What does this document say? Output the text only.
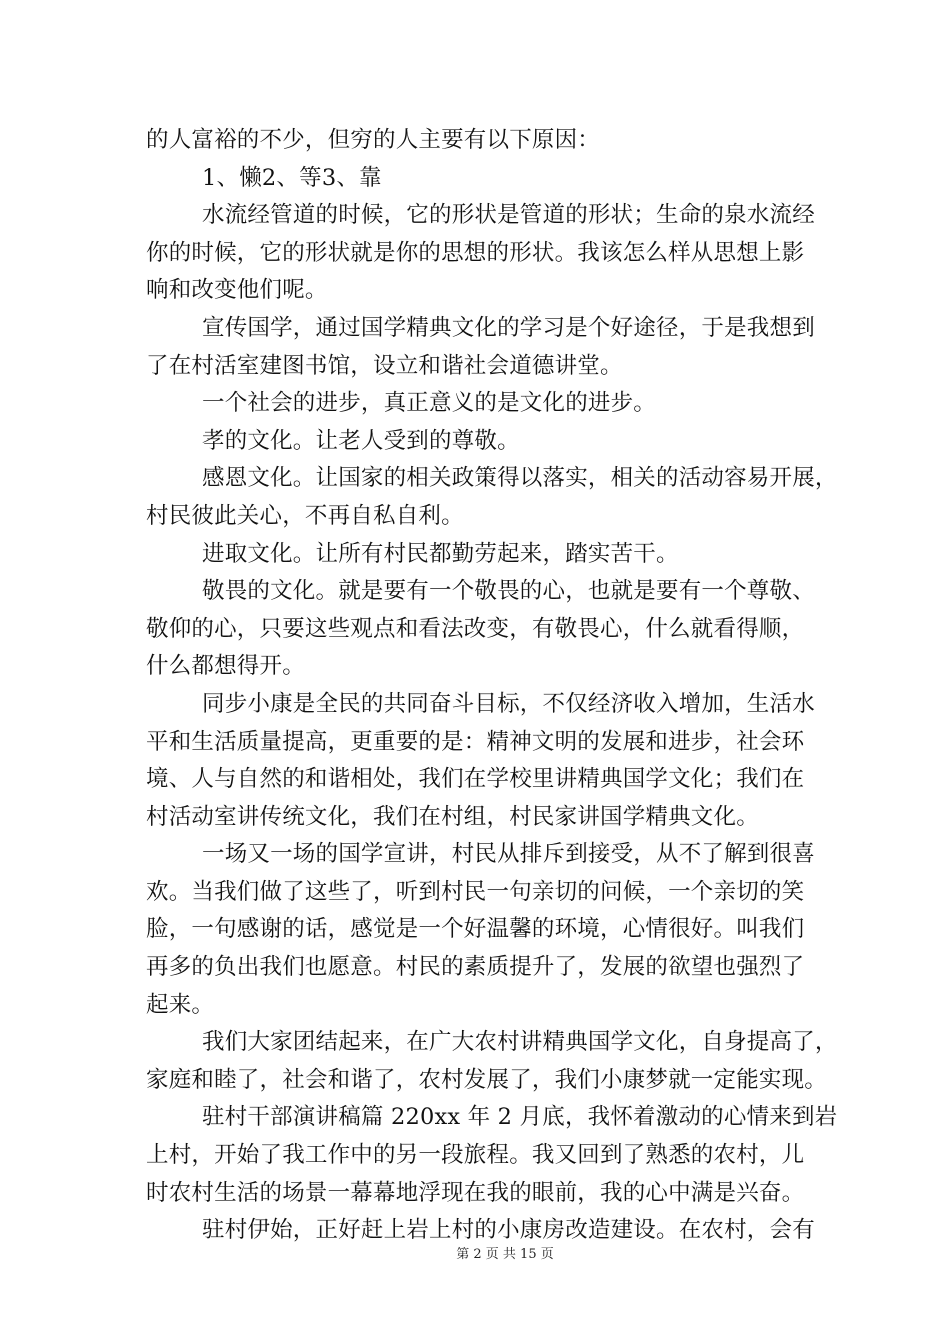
的人富裕的不少，但穷的人主要有以下原因：
1、懒2、等3、靠
水流经管道的时候，它的形状是管道的形状；生命的泉水流经
你的时候，它的形状就是你的思想的形状。我该怎么样从思想上影
响和改变他们呢。
宣传国学，通过国学精典文化的学习是个好途径，于是我想到
了在村活室建图书馆，设立和谐社会道德讲堂。
一个社会的进步，真正意义的是文化的进步。
孝的文化。让老人受到的尊敬。
感恩文化。让国家的相关政策得以落实，相关的活动容易开展，
村民彼此关心，不再自私自利。
进取文化。让所有村民都勤劳起来，踏实苦干。
敬畏的文化。就是要有一个敬畏的心，也就是要有一个尊敬、
敬仰的心，只要这些观点和看法改变，有敬畏心，什么就看得顺，
什么都想得开。
同步小康是全民的共同奋斗目标，不仅经济收入增加，生活水
平和生活质量提高，更重要的是：精神文明的发展和进步，社会环
境、人与自然的和谐相处，我们在学校里讲精典国学文化；我们在
村活动室讲传统文化，我们在村组，村民家讲国学精典文化。
一场又一场的国学宣讲，村民从排斥到接受，从不了解到很喜
欢。当我们做了这些了，听到村民一句亲切的问候，一个亲切的笑
脸，一句感谢的话，感觉是一个好温馨的环境，心情很好。叫我们
再多的负出我们也愿意。村民的素质提升了，发展的欲望也强烈了
起来。
我们大家团结起来，在广大农村讲精典国学文化，自身提高了，
家庭和睦了，社会和谐了，农村发展了，我们小康梦就一定能实现。
驻村干部演讲稿篇 220xx 年 2 月底，我怀着激动的心情来到岩
上村，开始了我工作中的另一段旅程。我又回到了熟悉的农村，儿
时农村生活的场景一幕幕地浮现在我的眼前，我的心中满是兴奋。
驻村伊始，正好赶上岩上村的小康房改造建设。在农村，会有
第 2 页 共 15 页
